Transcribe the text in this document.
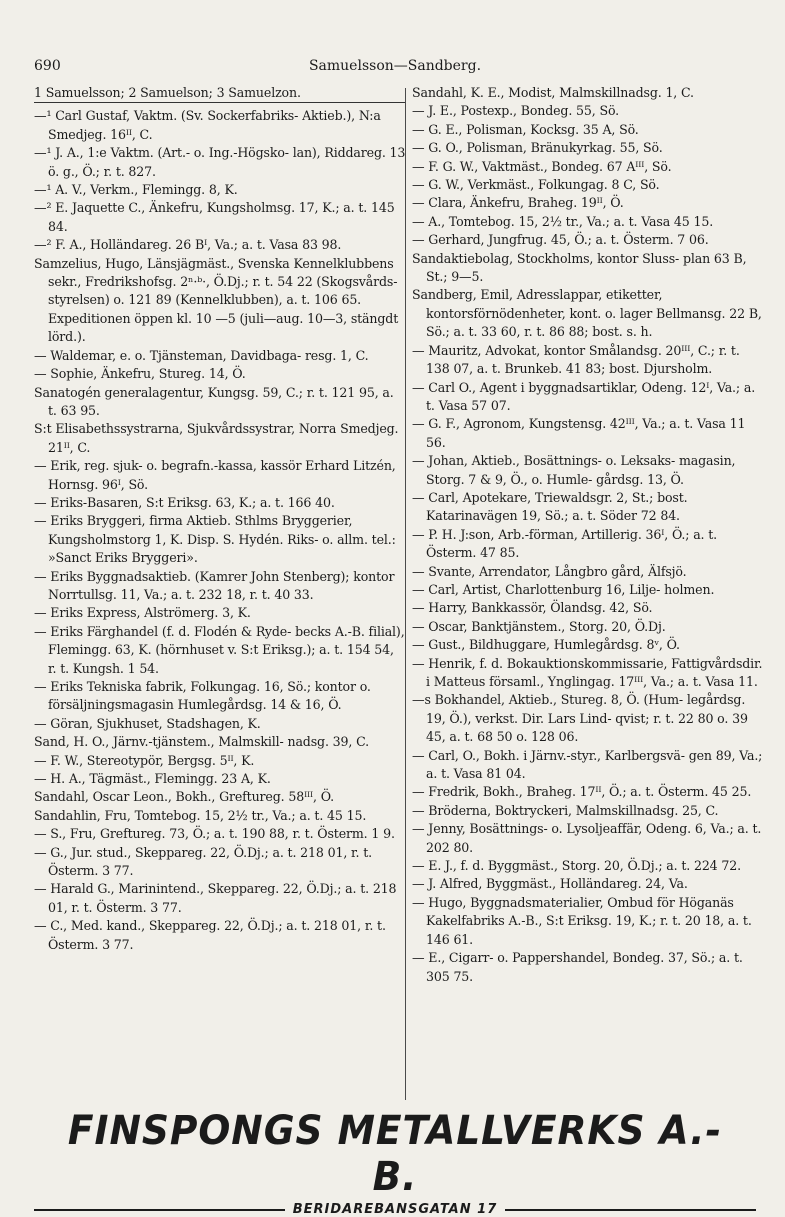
690	Samuelsson—Sandberg.
1 Samuelsson; 2 Samuelson; 3 Samuelzon.
—¹ Carl Gustaf, Vaktm. (Sv. Sockerfabriks- Aktieb.), N:a Smedjeg. 16ᴵᴵ, C.
—¹ J. A., 1:e Vaktm. (Art.- o. Ing.-Högsko- lan), Riddareg. 13 ö. g., Ö.; r. t. 827.
—¹ A. V., Verkm., Flemingg. 8, K.
—² E. Jaquette C., Änkefru, Kungsholmsg. 17, K.; a. t. 145 84.
—² F. A., Holländareg. 26 Bᴵ, Va.; a. t. Vasa 83 98.
Samzelius, Hugo, Länsjägmäst., Svenska Kennelklubbens sekr., Fredrikshofsg. 2ⁿ·ᵇ·, Ö.Dj.; r. t. 54 22 (Skogsvårds- styrelsen) o. 121 89 (Kennelklubben), a. t. 106 65. Expeditionen öppen kl. 10 —5 (juli—aug. 10—3, stängdt lörd.).
— Waldemar, e. o. Tjänsteman, Davidbaga- resg. 1, C.
— Sophie, Änkefru, Stureg. 14, Ö.
Sanatogén generalagentur, Kungsg. 59, C.; r. t. 121 95, a. t. 63 95.
S:t Elisabethssystrarna, Sjukvårdssystrar, Norra Smedjeg. 21ᴵᴵ, C.
— Erik, reg. sjuk- o. begrafn.-kassa, kassör Erhard Litzén, Hornsg. 96ᴵ, Sö.
— Eriks-Basaren, S:t Eriksg. 63, K.; a. t. 166 40.
— Eriks Bryggeri, firma Aktieb. Sthlms Bryggerier, Kungsholmstorg 1, K. Disp. S. Hydén. Riks- o. allm. tel.: »Sanct Eriks Bryggeri».
— Eriks Byggnadsaktieb. (Kamrer John Stenberg); kontor Norrtullsg. 11, Va.; a. t. 232 18, r. t. 40 33.
— Eriks Express, Alströmerg. 3, K.
— Eriks Färghandel (f. d. Flodén & Ryde- becks A.-B. filial), Flemingg. 63, K. (hörnhuset v. S:t Eriksg.); a. t. 154 54, r. t. Kungsh. 1 54.
— Eriks Tekniska fabrik, Folkungag. 16, Sö.; kontor o. försäljningsmagasin Humlegårdsg. 14 & 16, Ö.
— Göran, Sjukhuset, Stadshagen, K.
Sand, H. O., Järnv.-tjänstem., Malmskill- nadsg. 39, C.
— F. W., Stereotypör, Bergsg. 5ᴵᴵ, K.
— H. A., Tägmäst., Flemingg. 23 A, K.
Sandahl, Oscar Leon., Bokh., Greftureg. 58ᴵᴵᴵ, Ö.
Sandahlin, Fru, Tomtebog. 15, 2½ tr., Va.; a. t. 45 15.
— S., Fru, Greftureg. 73, Ö.; a. t. 190 88, r. t. Österm. 1 9.
— G., Jur. stud., Skeppareg. 22, Ö.Dj.; a. t. 218 01, r. t. Österm. 3 77.
— Harald G., Marinintend., Skeppareg. 22, Ö.Dj.; a. t. 218 01, r. t. Österm. 3 77.
— C., Med. kand., Skeppareg. 22, Ö.Dj.; a. t. 218 01, r. t. Österm. 3 77.
Sandahl, K. E., Modist, Malmskillnadsg. 1, C.
— J. E., Postexp., Bondeg. 55, Sö.
— G. E., Polisman, Kocksg. 35 A, Sö.
— G. O., Polisman, Bränukyrkag. 55, Sö.
— F. G. W., Vaktmäst., Bondeg. 67 Aᴵᴵᴵ, Sö.
— G. W., Verkmäst., Folkungag. 8 C, Sö.
— Clara, Änkefru, Braheg. 19ᴵᴵ, Ö.
— A., Tomtebog. 15, 2½ tr., Va.; a. t. Vasa 45 15.
— Gerhard, Jungfrug. 45, Ö.; a. t. Österm. 7 06.
Sandaktiebolag, Stockholms, kontor Sluss- plan 63 B, St.; 9—5.
Sandberg, Emil, Adresslappar, etiketter, kontorsförnödenheter, kont. o. lager Bellmansg. 22 B, Sö.; a. t. 33 60, r. t. 86 88; bost. s. h.
— Mauritz, Advokat, kontor Smålandsg. 20ᴵᴵᴵ, C.; r. t. 138 07, a. t. Brunkeb. 41 83; bost. Djursholm.
— Carl O., Agent i byggnadsartiklar, Odeng. 12ᴵ, Va.; a. t. Vasa 57 07.
— G. F., Agronom, Kungstensg. 42ᴵᴵᴵ, Va.; a. t. Vasa 11 56.
— Johan, Aktieb., Bosättnings- o. Leksaks- magasin, Storg. 7 & 9, Ö., o. Humle- gårdsg. 13, Ö.
— Carl, Apotekare, Triewaldsgr. 2, St.; bost. Katarinavägen 19, Sö.; a. t. Söder 72 84.
— P. H. J:son, Arb.-förman, Artillerig. 36ᴵ, Ö.; a. t. Österm. 47 85.
— Svante, Arrendator, Långbro gård, Älfsjö.
— Carl, Artist, Charlottenburg 16, Lilje- holmen.
— Harry, Bankkassör, Ölandsg. 42, Sö.
— Oscar, Banktjänstem., Storg. 20, Ö.Dj.
— Gust., Bildhuggare, Humlegårdsg. 8ᵛ, Ö.
— Henrik, f. d. Bokauktionskommissarie, Fattigvårdsdir. i Matteus församl., Ynglingag. 17ᴵᴵᴵ, Va.; a. t. Vasa 11.
—s Bokhandel, Aktieb., Stureg. 8, Ö. (Hum- legårdsg. 19, Ö.), verkst. Dir. Lars Lind- qvist; r. t. 22 80 o. 39 45, a. t. 68 50 o. 128 06.
— Carl, O., Bokh. i Järnv.-styr., Karlbergsvä- gen 89, Va.; a. t. Vasa 81 04.
— Fredrik, Bokh., Braheg. 17ᴵᴵ, Ö.; a. t. Österm. 45 25.
— Bröderna, Boktryckeri, Malmskillnadsg. 25, C.
— Jenny, Bosättnings- o. Lysoljeaffär, Odeng. 6, Va.; a. t. 202 80.
— E. J., f. d. Byggmäst., Storg. 20, Ö.Dj.; a. t. 224 72.
— J. Alfred, Byggmäst., Holländareg. 24, Va.
— Hugo, Byggnadsmaterialier, Ombud för Höganäs Kakelfabriks A.-B., S:t Eriksg. 19, K.; r. t. 20 18, a. t. 146 61.
— E., Cigarr- o. Pappershandel, Bondeg. 37, Sö.; a. t. 305 75.
FINSPONGS METALLVERKS A.-B.
BERIDAREBANSGATAN 17
